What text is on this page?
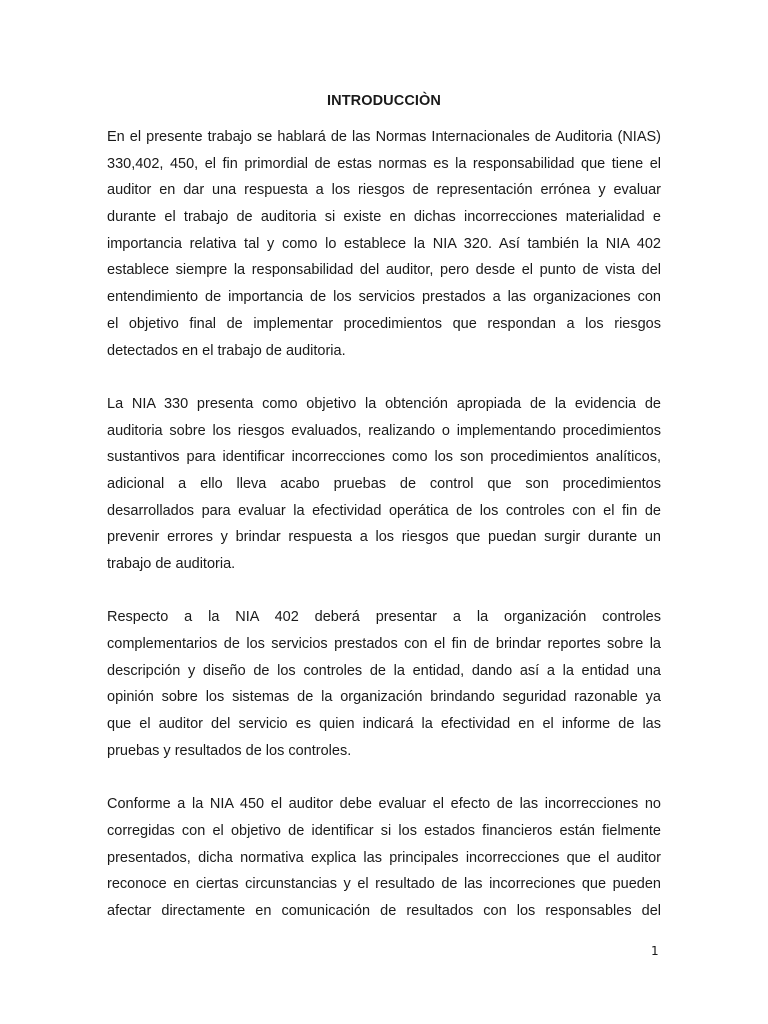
INTRODUCCIÒN
En el presente trabajo se hablará de las Normas Internacionales de Auditoria (NIAS)
330,402, 450, el fin primordial de estas normas es la responsabilidad que tiene el
auditor en dar una respuesta a los riesgos de representación errónea y evaluar
durante el trabajo de auditoria si existe en dichas incorrecciones materialidad e
importancia relativa tal y como lo establece la NIA 320. Así también la NIA 402
establece siempre la responsabilidad del auditor, pero desde el punto de vista del
entendimiento de importancia de los servicios prestados a las organizaciones con
el objetivo final de implementar procedimientos que respondan a los riesgos
detectados en el trabajo de auditoria.
La NIA 330 presenta como objetivo la obtención apropiada de la evidencia de
auditoria sobre los riesgos evaluados, realizando o implementando procedimientos
sustantivos para identificar incorrecciones como los son procedimientos analíticos,
adicional a ello lleva acabo pruebas de control que son procedimientos
desarrollados para evaluar la efectividad operática de los controles con el fin de
prevenir errores y brindar respuesta a los riesgos que puedan surgir durante un
trabajo de auditoria.
Respecto a la NIA 402 deberá presentar a la organización controles
complementarios de los servicios prestados con el fin de brindar reportes sobre la
descripción y diseño de los controles de la entidad, dando así a la entidad una
opinión sobre los sistemas de la organización brindando seguridad razonable ya
que el auditor del servicio es quien indicará la efectividad en el informe de las
pruebas y resultados de los controles.
Conforme a la NIA 450 el auditor debe evaluar el efecto de las incorrecciones no
corregidas con el objetivo de identificar si los estados financieros están fielmente
presentados, dicha normativa explica las principales incorrecciones que el auditor
reconoce en ciertas circunstancias y el resultado de las incorreciones que pueden
afectar directamente en comunicación de resultados con los responsables del
1
